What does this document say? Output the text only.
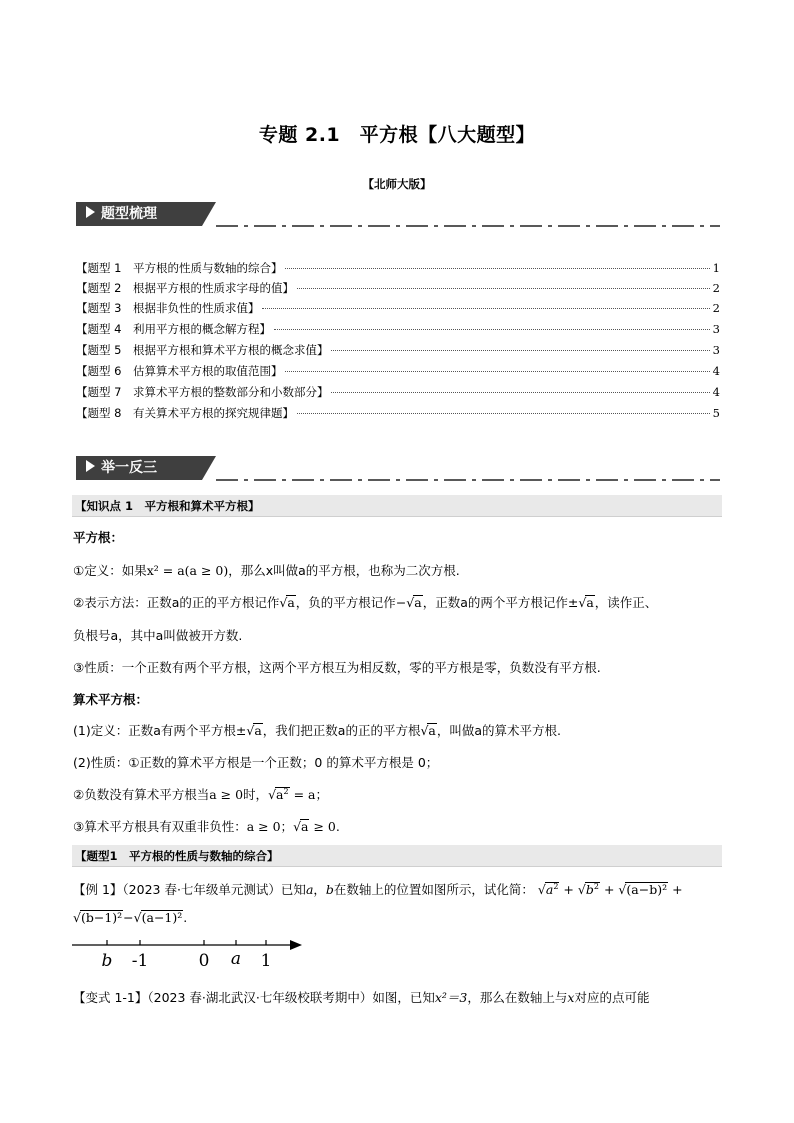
专题 2.1　平方根【八大题型】
【北师大版】
题型梳理
【题型 1　平方根的性质与数轴的综合】	1
【题型 2　根据平方根的性质求字母的值】	2
【题型 3　根据非负性的性质求值】	2
【题型 4　利用平方根的概念解方程】	3
【题型 5　根据平方根和算术平方根的概念求值】	3
【题型 6　估算算术平方根的取值范围】	4
【题型 7　求算术平方根的整数部分和小数部分】	4
【题型 8　有关算术平方根的探究规律题】	5
举一反三
【知识点 1　平方根和算术平方根】
平方根：
①定义：如果x² = a(a ≥ 0)，那么x叫做a的平方根，也称为二次方根.
②表示方法：正数a的正的平方根记作√a，负的平方根记作−√a，正数a的两个平方根记作±√a，读作正、
负根号a，其中a叫做被开方数.
③性质：一个正数有两个平方根，这两个平方根互为相反数，零的平方根是零，负数没有平方根.
算术平方根：
(1)定义：正数a有两个平方根±√a，我们把正数a的正的平方根√a，叫做a的算术平方根.
(2)性质：①正数的算术平方根是一个正数；0 的算术平方根是 0；
②负数没有算术平方根当a ≥ 0时，$√a^2 = a$；
③算术平方根具有双重非负性：a ≥ 0；√a ≥ 0.
【题型1　平方根的性质与数轴的综合】
【例 1】（2023 春·七年级单元测试）已知a，b在数轴上的位置如图所示，试化简： $√a^2 + √b^2 + √(a-b)^2$ +
√(b−1)²−√(a−1)².
b -1	0 a 1
【变式 1-1】（2023 春·湖北武汉·七年级校联考期中）如图，已知x²＝3，那么在数轴上与x对应的点可能
